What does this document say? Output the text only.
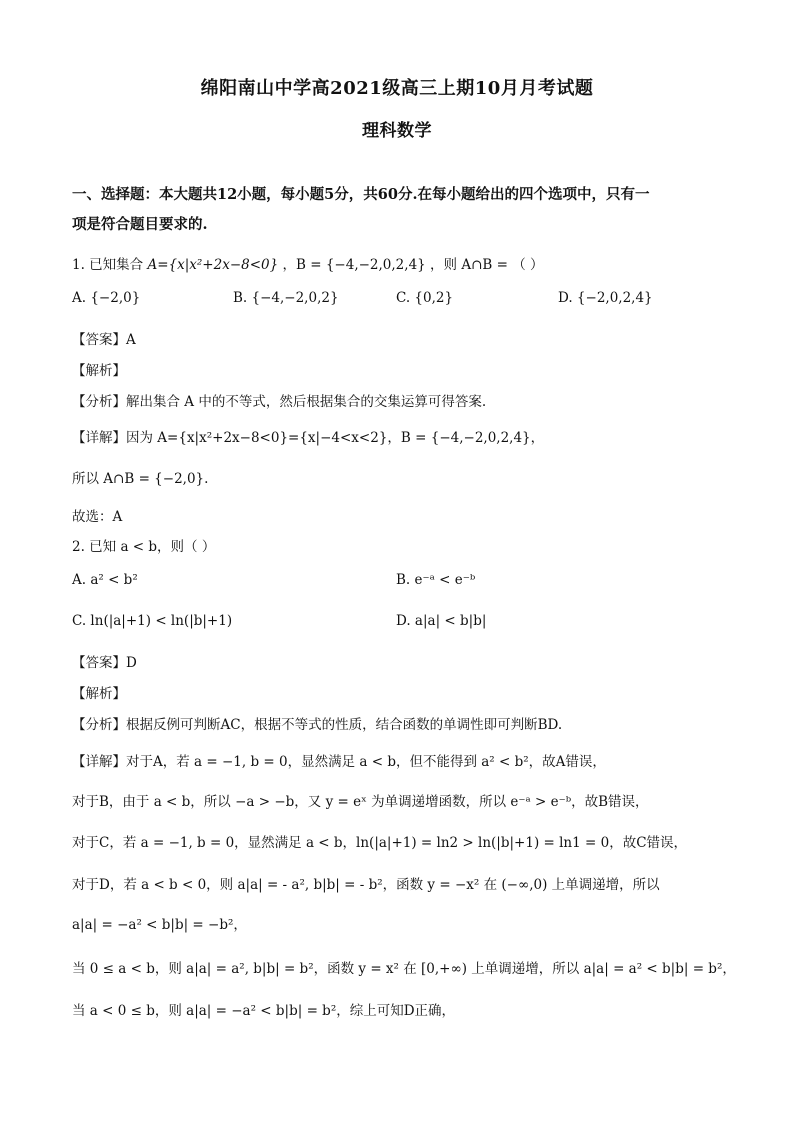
绵阳南山中学高2021级高三上期10月月考试题
理科数学
一、选择题：本大题共12小题，每小题5分，共60分.在每小题给出的四个选项中，只有一
项是符合题目要求的.
1. 已知集合 A={x|x²+2x−8<0} ，B = {−4,−2,0,2,4} ，则 A∩B = （ ）
A. {−2,0}	B. {−4,−2,0,2}	C. {0,2}	D. {−2,0,2,4}
【答案】A
【解析】
【分析】解出集合 A 中的不等式，然后根据集合的交集运算可得答案.
【详解】因为 A={x|x²+2x−8<0}={x|−4<x<2}，B = {−4,−2,0,2,4}，
所以 A∩B = {−2,0}.
故选：A
2. 已知 a < b，则（ ）
A. a² < b²	B. e⁻ᵃ < e⁻ᵇ
C. ln(|a|+1) < ln(|b|+1)	D. a|a| < b|b|
【答案】D
【解析】
【分析】根据反例可判断AC，根据不等式的性质，结合函数的单调性即可判断BD.
【详解】对于A，若 a = −1, b = 0，显然满足 a < b，但不能得到 a² < b²，故A错误，
对于B，由于 a < b，所以 −a > −b，又 y = eˣ 为单调递增函数，所以 e⁻ᵃ > e⁻ᵇ，故B错误，
对于C，若 a = −1, b = 0，显然满足 a < b，ln(|a|+1) = ln2 > ln(|b|+1) = ln1 = 0，故C错误，
对于D，若 a < b < 0，则 a|a| = - a², b|b| = - b²，函数 y = −x² 在 (−∞,0) 上单调递增，所以
a|a| = −a² < b|b| = −b²，
当 0 ≤ a < b，则 a|a| = a², b|b| = b²，函数 y = x² 在 [0,+∞) 上单调递增，所以 a|a| = a² < b|b| = b²，
当 a < 0 ≤ b，则 a|a| = −a² < b|b| = b²，综上可知D正确，
